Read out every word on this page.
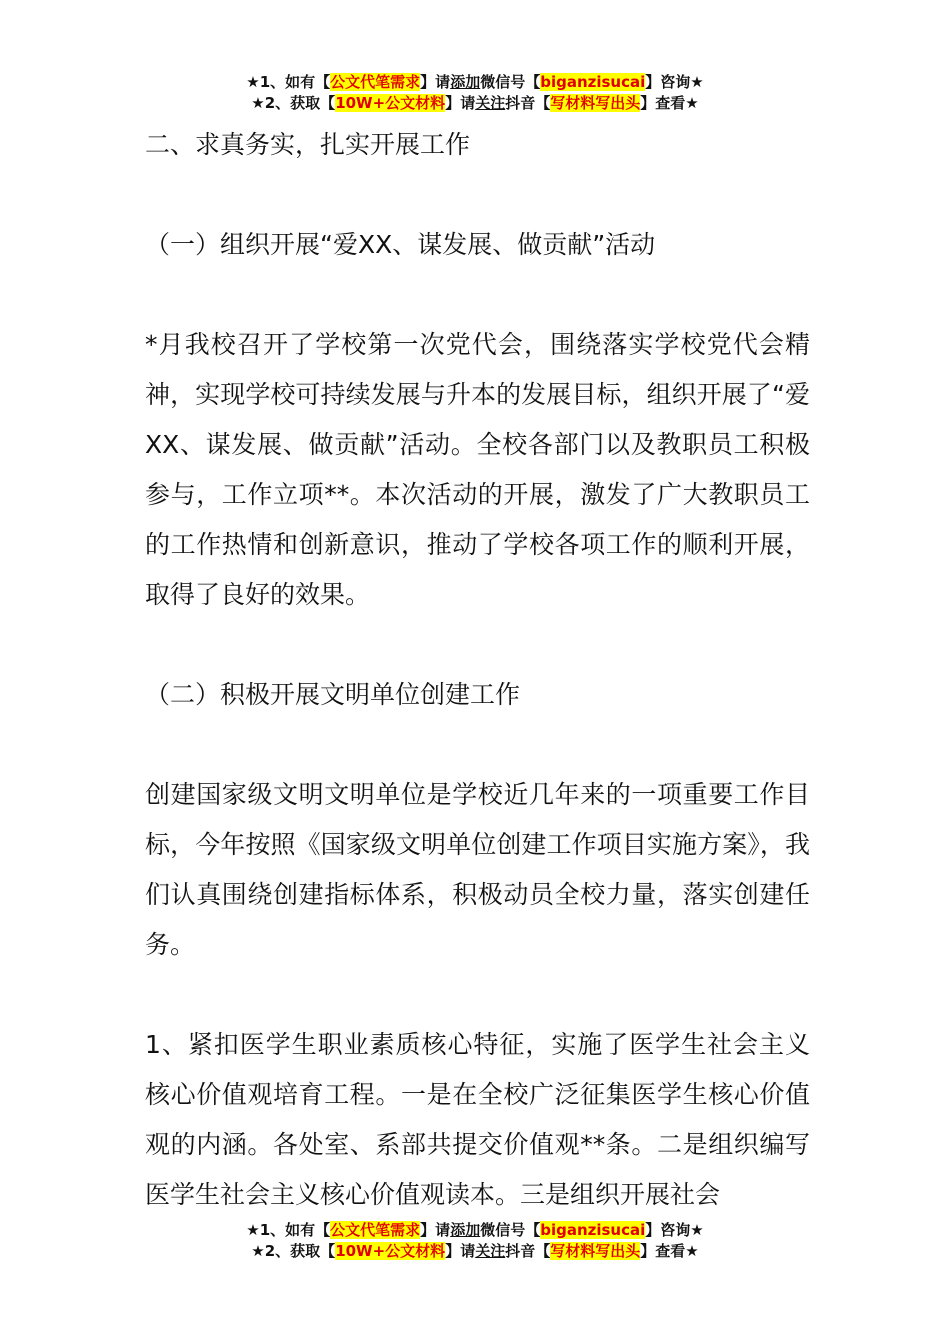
★1、如有【公文代笔需求】请添加微信号【biganzisucai】咨询★
★2、获取【10W+公文材料】请关注抖音【写材料写出头】查看★

二、求真务实，扎实开展工作

（一）组织开展“爱XX、谋发展、做贡献”活动

*月我校召开了学校第一次党代会，围绕落实学校党代会精神，实现学校可持续发展与升本的发展目标，组织开展了“爱XX、谋发展、做贡献”活动。全校各部门以及教职员工积极参与，工作立项**。本次活动的开展，激发了广大教职员工的工作热情和创新意识，推动了学校各项工作的顺利开展，取得了良好的效果。

（二）积极开展文明单位创建工作

创建国家级文明文明单位是学校近几年来的一项重要工作目标，今年按照《国家级文明单位创建工作项目实施方案》，我们认真围绕创建指标体系，积极动员全校力量，落实创建任务。

1、紧扣医学生职业素质核心特征，实施了医学生社会主义核心价值观培育工程。一是在全校广泛征集医学生核心价值观的内涵。各处室、系部共提交价值观**条。二是组织编写医学生社会主义核心价值观读本。三是组织开展社会

★1、如有【公文代笔需求】请添加微信号【biganzisucai】咨询★
★2、获取【10W+公文材料】请关注抖音【写材料写出头】查看★
